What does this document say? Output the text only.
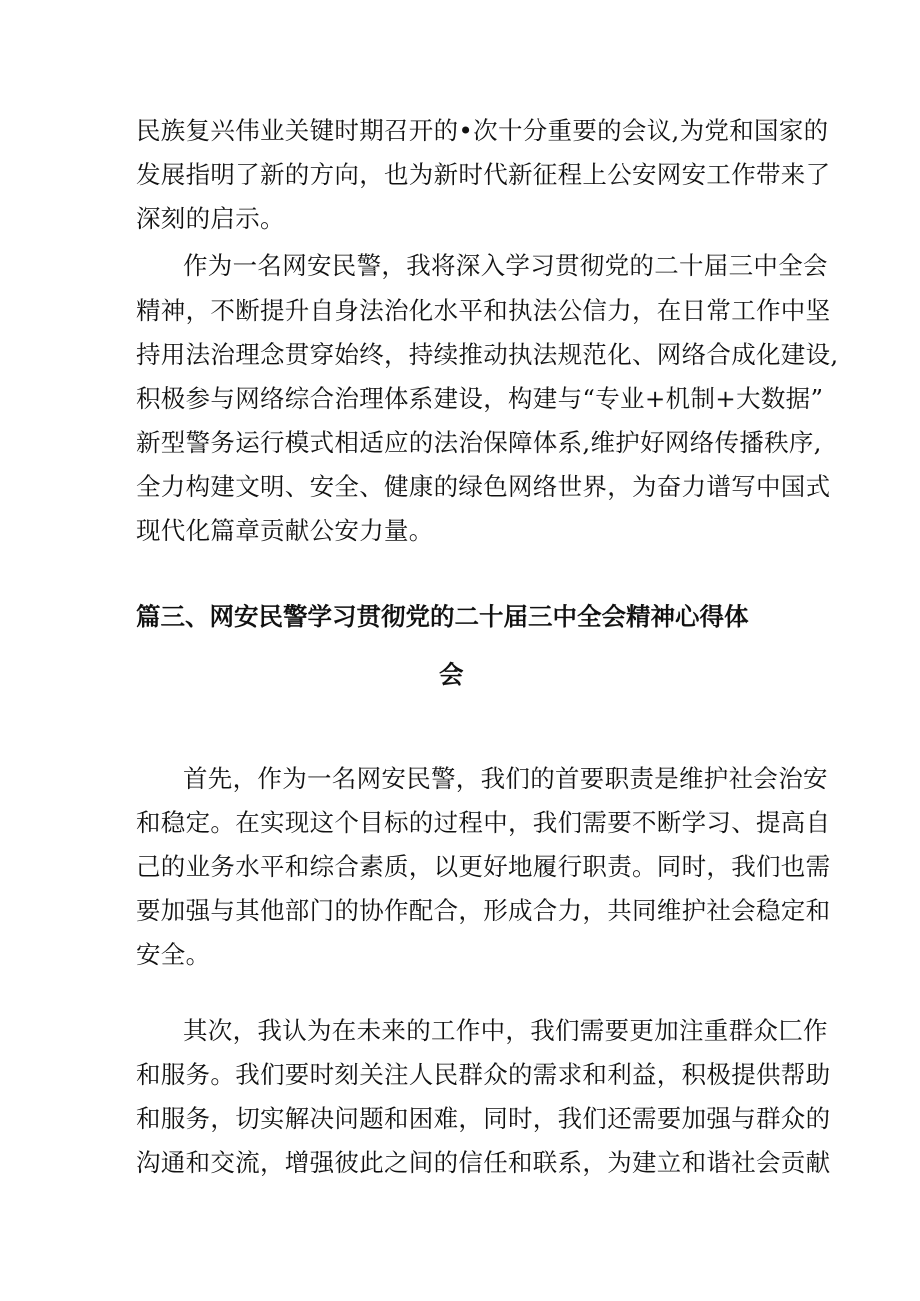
民族复兴伟业关键时期召开的•次十分重要的会议,为党和国家的
发展指明了新的方向，也为新时代新征程上公安网安工作带来了
深刻的启示。
作为一名网安民警，我将深入学习贯彻党的二十届三中全会
精神，不断提升自身法治化水平和执法公信力，在日常工作中坚
持用法治理念贯穿始终，持续推动执法规范化、网络合成化建设,
积极参与网络综合治理体系建设，构建与“专业+机制+大数据”
新型警务运行模式相适应的法治保障体系,维护好网络传播秩序,
全力构建文明、安全、健康的绿色网络世界，为奋力谱写中国式
现代化篇章贡献公安力量。
篇三、网安民警学习贯彻党的二十届三中全会精神心得体
会
首先，作为一名网安民警，我们的首要职责是维护社会治安
和稳定。在实现这个目标的过程中，我们需要不断学习、提高自
己的业务水平和综合素质，以更好地履行职责。同时，我们也需
要加强与其他部门的协作配合，形成合力，共同维护社会稳定和
安全。
其次，我认为在未来的工作中，我们需要更加注重群众匚作
和服务。我们要时刻关注人民群众的需求和利益，积极提供帮助
和服务，切实解决问题和困难，同时，我们还需要加强与群众的
沟通和交流，增强彼此之间的信任和联系，为建立和谐社会贡献
